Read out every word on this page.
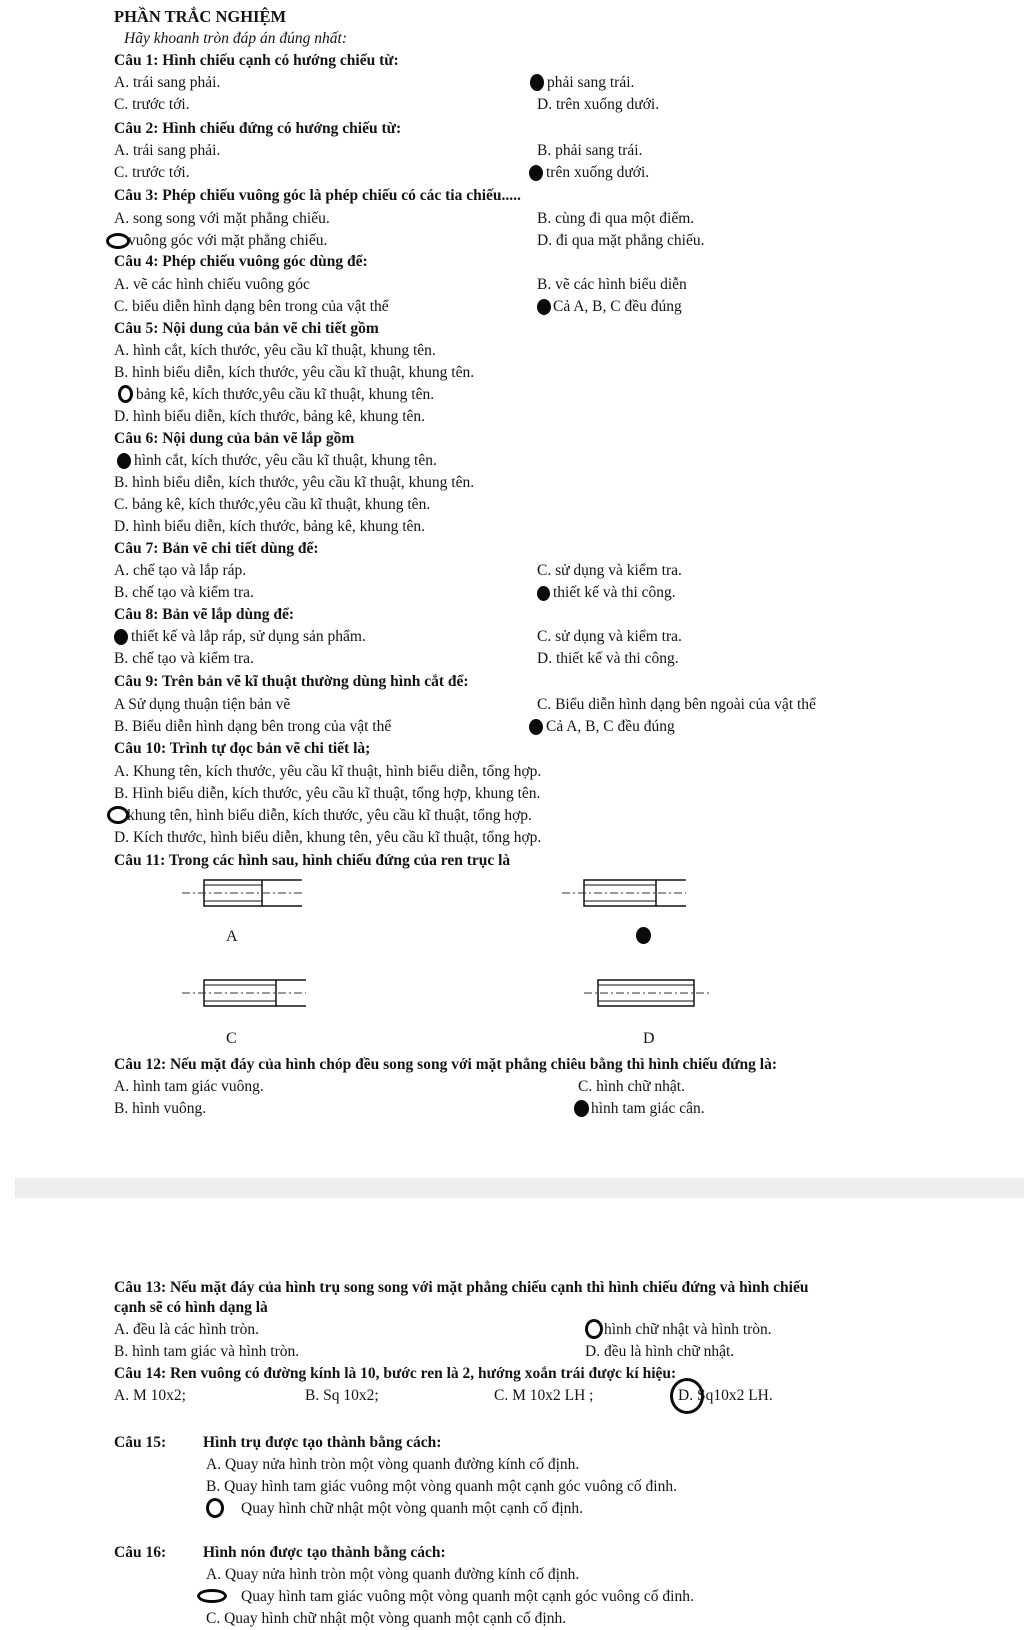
PHẦN TRẮC NGHIỆM
Hãy khoanh tròn đáp án đúng nhất:
Câu 1: Hình chiếu cạnh có hướng chiếu từ:
A. trái sang phải.	phải sang trái.
C. trước tới.	D. trên xuống dưới.
Câu 2: Hình chiếu đứng có hướng chiếu từ:
A. trái sang phải.	B. phải sang trái.
C. trước tới.	trên xuống dưới.
Câu 3: Phép chiếu vuông góc là phép chiếu có các tia chiếu.....
A. song song với mặt phẳng chiếu.	B. cùng đi qua một điểm.
vuông góc với mặt phẳng chiếu.	D. đi qua mặt phẳng chiếu.
Câu 4: Phép chiếu vuông góc dùng để:
A. vẽ các hình chiếu vuông góc	B. vẽ các hình biểu diễn
C. biểu diễn hình dạng bên trong của vật thể	Cả A, B, C đều đúng
Câu 5: Nội dung của bản vẽ chi tiết gồm
A. hình cắt, kích thước, yêu cầu kĩ thuật, khung tên.
B. hình biểu diễn, kích thước, yêu cầu kĩ thuật, khung tên.
bảng kê, kích thước,yêu cầu kĩ thuật, khung tên.
D. hình biểu diễn, kích thước, bảng kê, khung tên.
Câu 6: Nội dung của bản vẽ lắp gồm
hình cắt, kích thước, yêu cầu kĩ thuật, khung tên.
B. hình biểu diễn, kích thước, yêu cầu kĩ thuật, khung tên.
C. bảng kê, kích thước,yêu cầu kĩ thuật, khung tên.
D. hình biểu diễn, kích thước, bảng kê, khung tên.
Câu 7: Bản vẽ chi tiết dùng để:
A. chế tạo và lắp ráp.	C. sử dụng và kiểm tra.
B. chế tạo và kiểm tra.	thiết kế và thi công.
Câu 8: Bản vẽ lắp dùng để:
thiết kế và lắp ráp, sử dụng sản phẩm.	C. sử dụng và kiểm tra.
B. chế tạo và kiểm tra.	D. thiết kế và thi công.
Câu 9: Trên bản vẽ kĩ thuật thường dùng hình cắt để:
A Sử dụng thuận tiện bản vẽ	C. Biểu diễn hình dạng bên ngoài của vật thể
B. Biểu diễn hình dạng bên trong của vật thể	Cả A, B, C đều đúng
Câu 10: Trình tự đọc bản vẽ chi tiết là;
A. Khung tên, kích thước, yêu cầu kĩ thuật, hình biểu diễn, tổng hợp.
B. Hình biểu diễn, kích thước, yêu cầu kĩ thuật, tổng hợp, khung tên.
khung tên, hình biểu diễn, kích thước, yêu cầu kĩ thuật, tổng hợp.
D. Kích thước, hình biểu diễn, khung tên, yêu cầu kĩ thuật, tổng hợp.
Câu 11: Trong các hình sau, hình chiếu đứng của ren trục là
A
C	D
Câu 12: Nếu mặt đáy của hình chóp đều song song với mặt phẳng chiêu bằng thì hình chiếu đứng là:
A. hình tam giác vuông.	C. hình chữ nhật.
B. hình vuông.	hình tam giác cân.
Câu 13: Nếu mặt đáy của hình trụ song song với mặt phẳng chiếu cạnh thì hình chiếu đứng và hình chiếu
cạnh sẽ có hình dạng là
A. đều là các hình tròn.	hình chữ nhật và hình tròn.
B. hình tam giác và hình tròn.	D. đều là hình chữ nhật.
Câu 14: Ren vuông có đường kính là 10, bước ren là 2, hướng xoắn trái được kí hiệu:
A. M 10x2;	B. Sq 10x2;	C. M 10x2 LH ;	D. Sq10x2 LH.
Câu 15: Hình trụ được tạo thành bằng cách:
A. Quay nửa hình tròn một vòng quanh đường kính cố định.
B. Quay hình tam giác vuông một vòng quanh một cạnh góc vuông cố đinh.
Quay hình chữ nhật một vòng quanh một cạnh cố định.
Câu 16: Hình nón được tạo thành bằng cách:
A. Quay nửa hình tròn một vòng quanh đường kính cố định.
Quay hình tam giác vuông một vòng quanh một cạnh góc vuông cố đinh.
C. Quay hình chữ nhật một vòng quanh một cạnh cố định.
